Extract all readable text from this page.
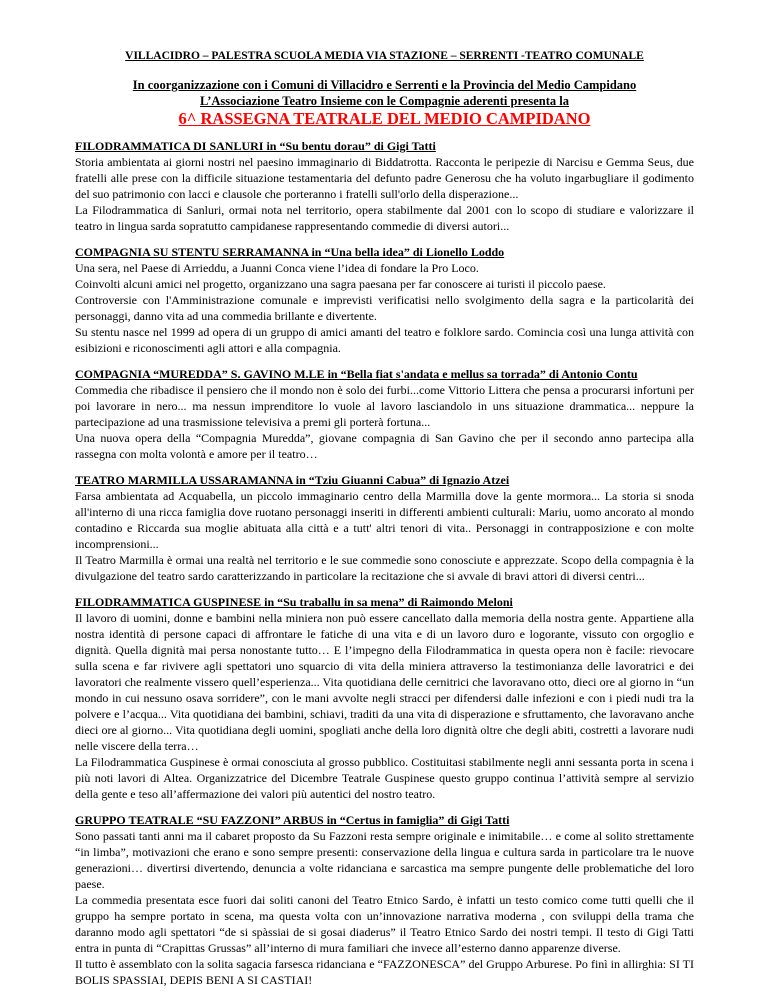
VILLACIDRO – PALESTRA SCUOLA MEDIA VIA STAZIONE – SERRENTI -TEATRO COMUNALE
In coorganizzazione con i Comuni di Villacidro e Serrenti e la Provincia del Medio Campidano
L’Associazione Teatro Insieme con le Compagnie aderenti presenta la
6^ RASSEGNA TEATRALE DEL MEDIO CAMPIDANO
FILODRAMMATICA DI SANLURI in “Su bentu dorau” di Gigi Tatti

Storia ambientata ai giorni nostri nel paesino immaginario di Biddatrotta. Racconta le peripezie di Narcisu e Gemma Seus, due fratelli alle prese con la difficile situazione testamentaria del defunto padre Generosu che ha voluto ingarbugliare il godimento del suo patrimonio con lacci e clausole che porteranno i fratelli sull'orlo della disperazione...

La Filodrammatica di Sanluri, ormai nota nel territorio, opera stabilmente dal 2001 con lo scopo di studiare e valorizzare il teatro in lingua sarda sopratutto campidanese rappresentando commedie di diversi autori...

COMPAGNIA SU STENTU SERRAMANNA in “Una bella idea” di Lionello Loddo

Una sera, nel Paese di Arrieddu, a Juanni Conca viene l’idea di fondare la Pro Loco.

Coinvolti alcuni amici nel progetto, organizzano una sagra paesana per far conoscere ai turisti il piccolo paese.

Controversie con l'Amministrazione comunale e imprevisti verificatisi nello svolgimento della sagra e la particolarità dei personaggi, danno vita ad una commedia brillante e divertente.

Su stentu nasce nel 1999 ad opera di un gruppo di amici amanti del teatro e folklore sardo. Comincia così una lunga attività con esibizioni e riconoscimenti agli attori e alla compagnia.

COMPAGNIA “MUREDDA” S. GAVINO M.LE in “Bella fiat s'andata e mellus sa torrada” di Antonio Contu

Commedia che ribadisce il pensiero che il mondo non è solo dei furbi...come Vittorio Littera che pensa a procurarsi infortuni per poi lavorare in nero... ma nessun imprenditore lo vuole al lavoro lasciandolo in uns situazione drammatica... neppure la partecipazione ad una trasmissione televisiva a premi gli porterà fortuna...

Una nuova opera della “Compagnia Muredda”, giovane compagnia di San Gavino che per il secondo anno partecipa alla rassegna con molta volontà e amore per il teatro…

TEATRO MARMILLA USSARAMANNA in “Tziu Giuanni Cabua” di Ignazio Atzei

Farsa ambientata ad Acquabella, un piccolo immaginario centro della Marmilla dove la gente mormora... La storia si snoda all'interno di una ricca famiglia dove ruotano personaggi inseriti in differenti ambienti culturali: Mariu, uomo ancorato al mondo contadino e Riccarda sua moglie abituata alla città e a tutt' altri tenori di vita.. Personaggi in contrapposizione e con molte incomprensioni...

Il Teatro Marmilla è ormai una realtà nel territorio e le sue commedie sono conosciute e apprezzate. Scopo della compagnia è la divulgazione del teatro sardo caratterizzando in particolare la recitazione che si avvale di bravi attori di diversi centri...

FILODRAMMATICA GUSPINESE in “Su traballu in sa mena” di Raimondo Meloni

Il lavoro di uomini, donne e bambini nella miniera non può essere cancellato dalla memoria della nostra gente. Appartiene alla nostra identità di persone capaci di affrontare le fatiche di una vita e di un lavoro duro e logorante, vissuto con orgoglio e dignità. Quella dignità mai persa nonostante tutto… E l’impegno della Filodrammatica in questa opera non è facile: rievocare sulla scena e far rivivere agli spettatori uno squarcio di vita della miniera attraverso la testimonianza delle lavoratrici e dei lavoratori che realmente vissero quell’esperienza... Vita quotidiana delle cernitrici che lavoravano otto, dieci ore al giorno in “un mondo in cui nessuno osava sorridere”, con le mani avvolte negli stracci per difendersi dalle infezioni e con i piedi nudi tra la polvere e l’acqua... Vita quotidiana dei bambini, schiavi, traditi da una vita di disperazione e sfruttamento, che lavoravano anche dieci ore al giorno... Vita quotidiana degli uomini, spogliati anche della loro dignità oltre che degli abiti, costretti a lavorare nudi nelle viscere della terra…

La Filodrammatica Guspinese è ormai conosciuta al grosso pubblico. Costituitasi stabilmente negli anni sessanta porta in scena i più noti lavori di Altea. Organizzatrice del Dicembre Teatrale Guspinese questo gruppo continua l’attività sempre al servizio della gente e teso all’affermazione dei valori più autentici del nostro teatro.

GRUPPO TEATRALE “SU FAZZONI” ARBUS in “Certus in famiglia” di Gigi Tatti

Sono passati tanti anni ma il cabaret proposto da Su Fazzoni resta sempre originale e inimitabile… e come al solito strettamente “in limba”, motivazioni che erano e sono sempre presenti: conservazione della lingua e cultura sarda in particolare tra le nuove generazioni… divertirsi divertendo, denuncia a volte ridanciana e sarcastica ma sempre pungente delle problematiche del loro paese.

La commedia presentata esce fuori dai soliti canoni del Teatro Etnico Sardo, è infatti un testo comico come tutti quelli che il gruppo ha sempre portato in scena, ma questa volta con un’innovazione narrativa moderna , con sviluppi della trama che daranno modo agli spettatori “de si spàssiai de si gosai diaderus” il Teatro Etnico Sardo dei nostri tempi. Il testo di Gigi Tatti entra in punta di “Crapittas Grussas” all’interno di mura familiari che invece all’esterno danno apparenze diverse.

Il tutto è assemblato con la solita sagacia farsesca ridanciana e “FAZZONESCA” del Gruppo Arburese. Po finì in allirghia: SI TI BOLIS SPASSIAI, DEPIS BENI A SI CASTIAI!
